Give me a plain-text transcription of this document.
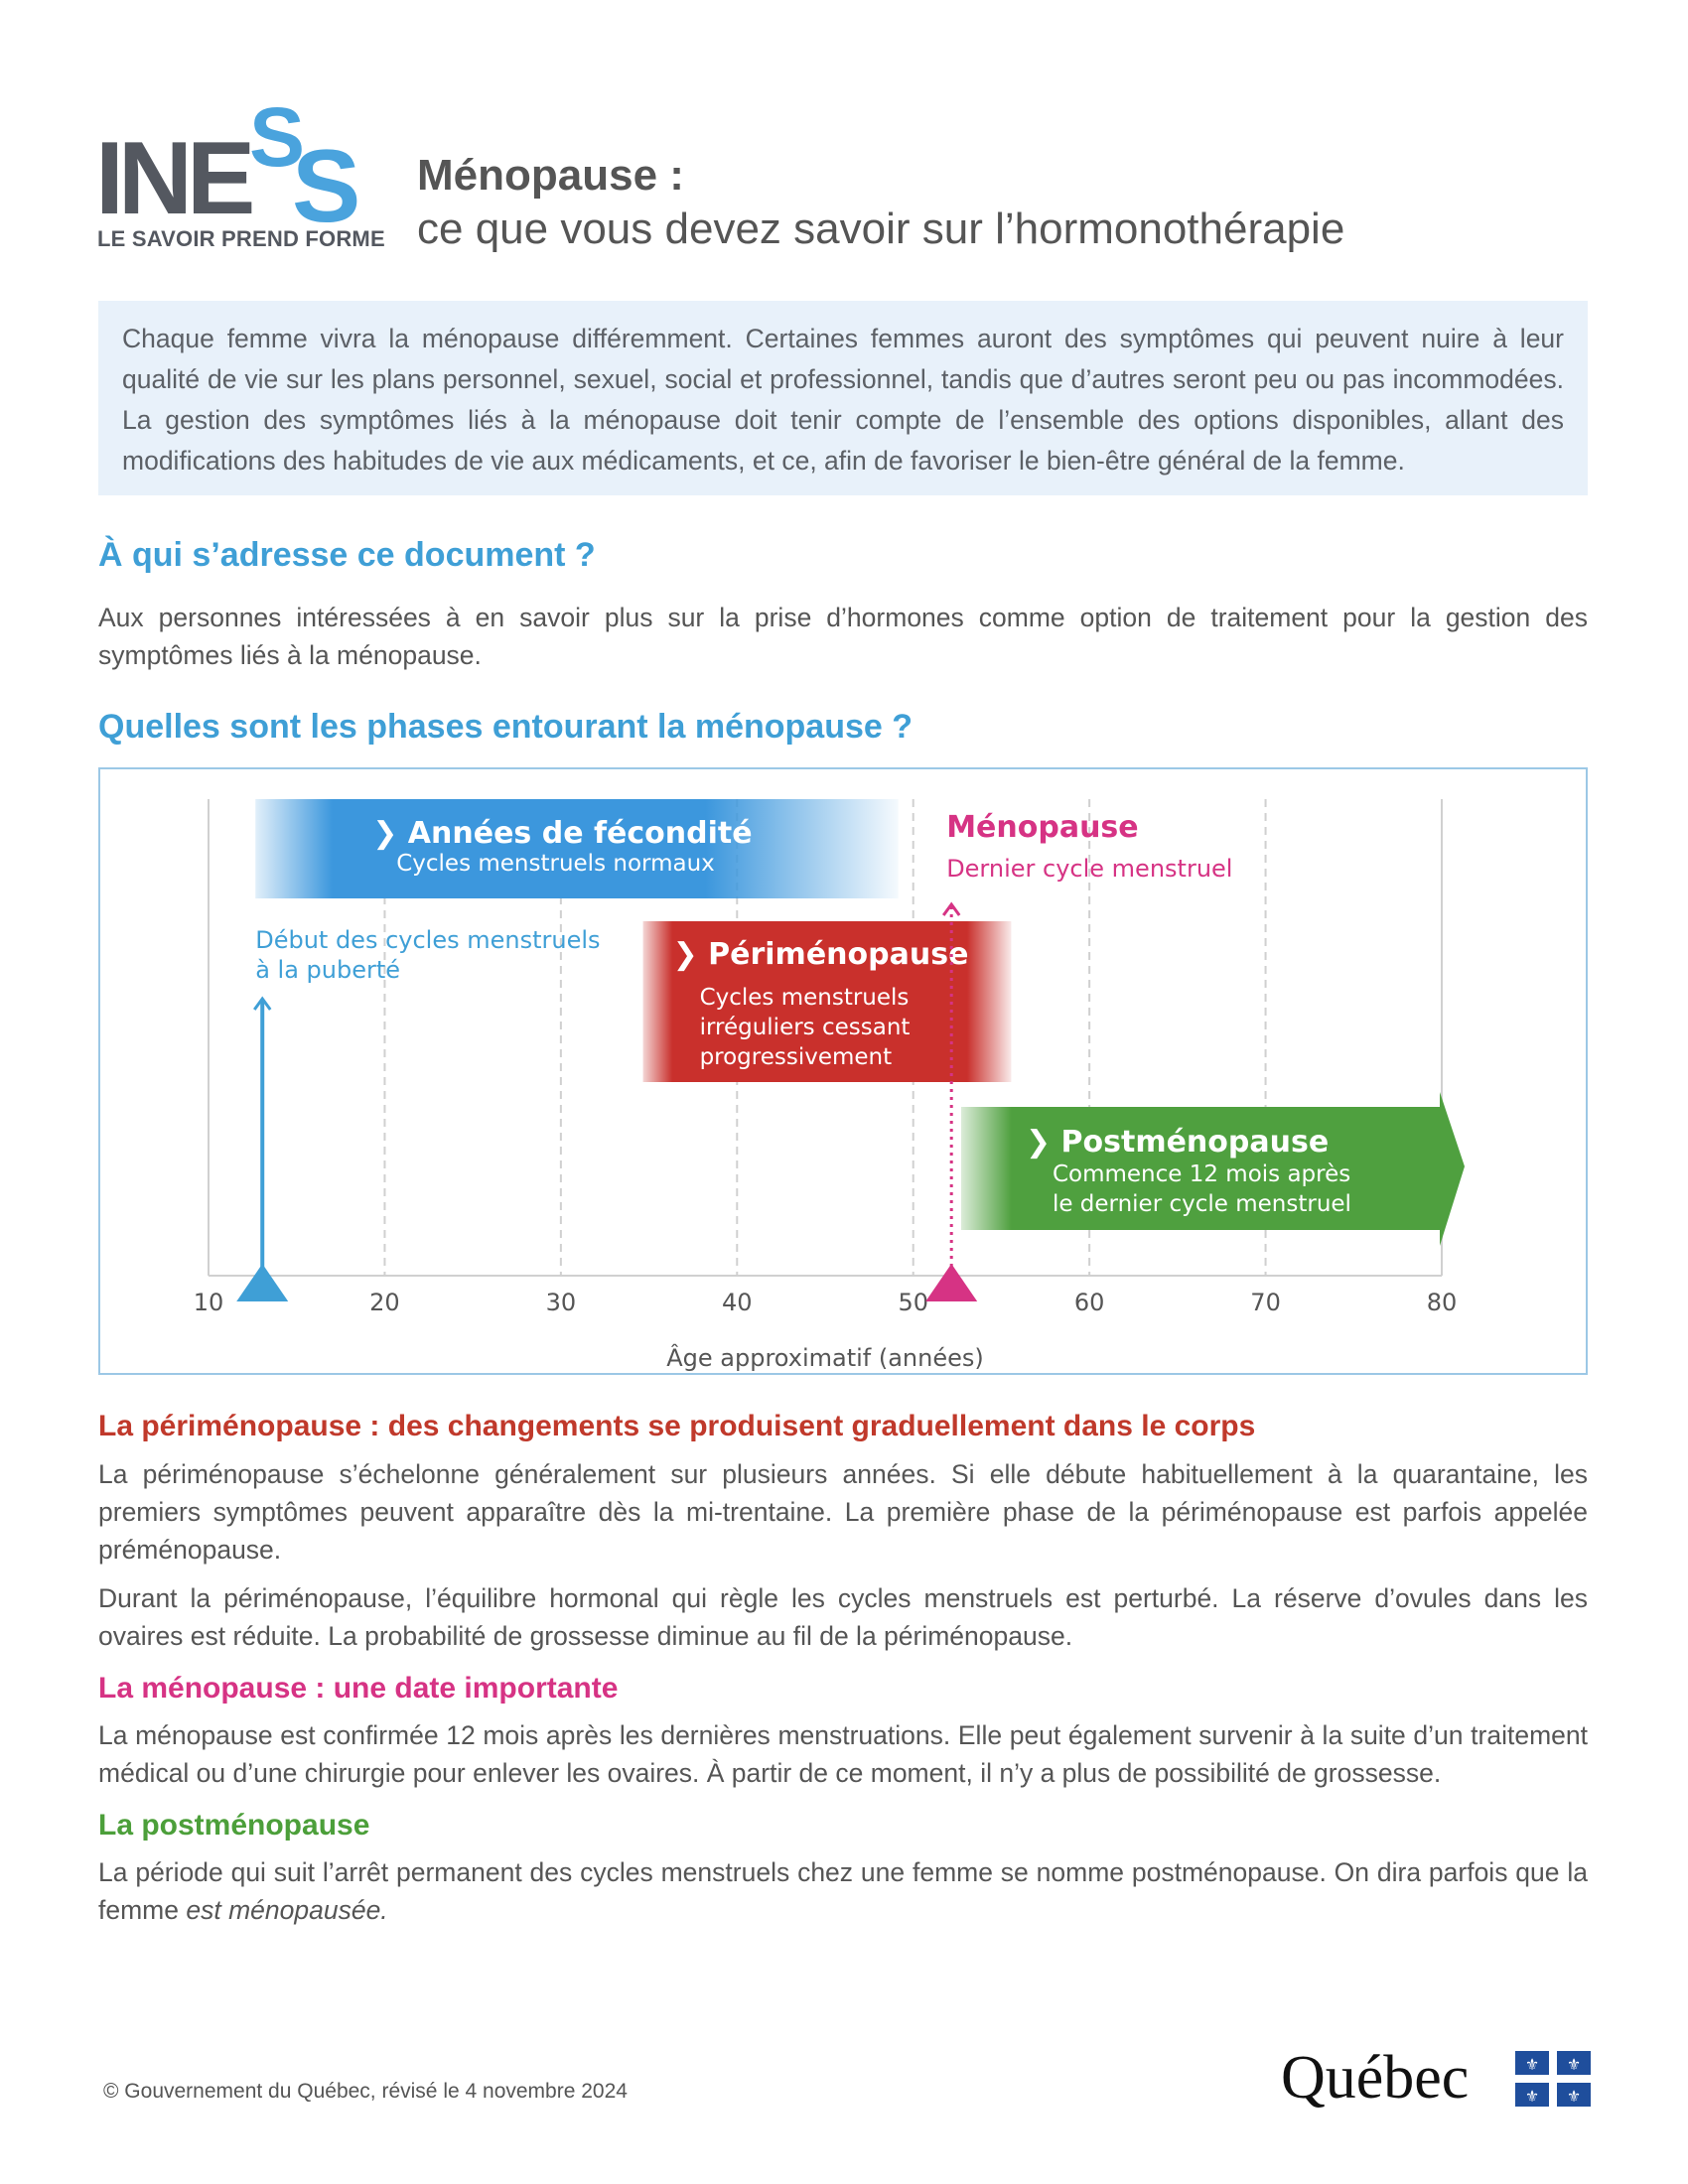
INE S
S
LE SAVOIR PREND FORME
Ménopause :
ce que vous devez savoir sur l’hormonothérapie
Chaque femme vivra la ménopause différemment. Certaines femmes auront des symptômes qui peuvent nuire à leur qualité de vie sur les plans personnel, sexuel, social et professionnel, tandis que d’autres seront peu ou pas incommodées. La gestion des symptômes liés à la ménopause doit tenir compte de l’ensemble des options disponibles, allant des modifications des habitudes de vie aux médicaments, et ce, afin de favoriser le bien-être général de la femme.
À qui s’adresse ce document ?
Aux personnes intéressées à en savoir plus sur la prise d’hormones comme option de traitement pour la gestion des symptômes liés à la ménopause.
Quelles sont les phases entourant la ménopause ?
10	20	30	40	50	60	70	80
Âge approximatif (années)
❯ Années de fécondité
Cycles menstruels normaux
❯ Périménopause
Cycles menstruels
irréguliers cessant
progressivement
❯ Postménopause
Commence 12 mois après
le dernier cycle menstruel
Début des cycles menstruels
à la puberté
Ménopause
Dernier cycle menstruel
La périménopause : des changements se produisent graduellement dans le corps
La périménopause s’échelonne généralement sur plusieurs années. Si elle débute habituellement à la quarantaine, les premiers symptômes peuvent apparaître dès la mi-trentaine. La première phase de la périménopause est parfois appelée préménopause.
Durant la périménopause, l’équilibre hormonal qui règle les cycles menstruels est perturbé. La réserve d’ovules dans les ovaires est réduite. La probabilité de grossesse diminue au fil de la périménopause.
La ménopause : une date importante
La ménopause est confirmée 12 mois après les dernières menstruations. Elle peut également survenir à la suite d’un traitement médical ou d’une chirurgie pour enlever les ovaires. À partir de ce moment, il n’y a plus de possibilité de grossesse.
La postménopause
La période qui suit l’arrêt permanent des cycles menstruels chez une femme se nomme postménopause. On dira parfois que la femme est ménopausée.
© Gouvernement du Québec, révisé le 4 novembre 2024	Québec	⚜ ⚜
⚜ ⚜
